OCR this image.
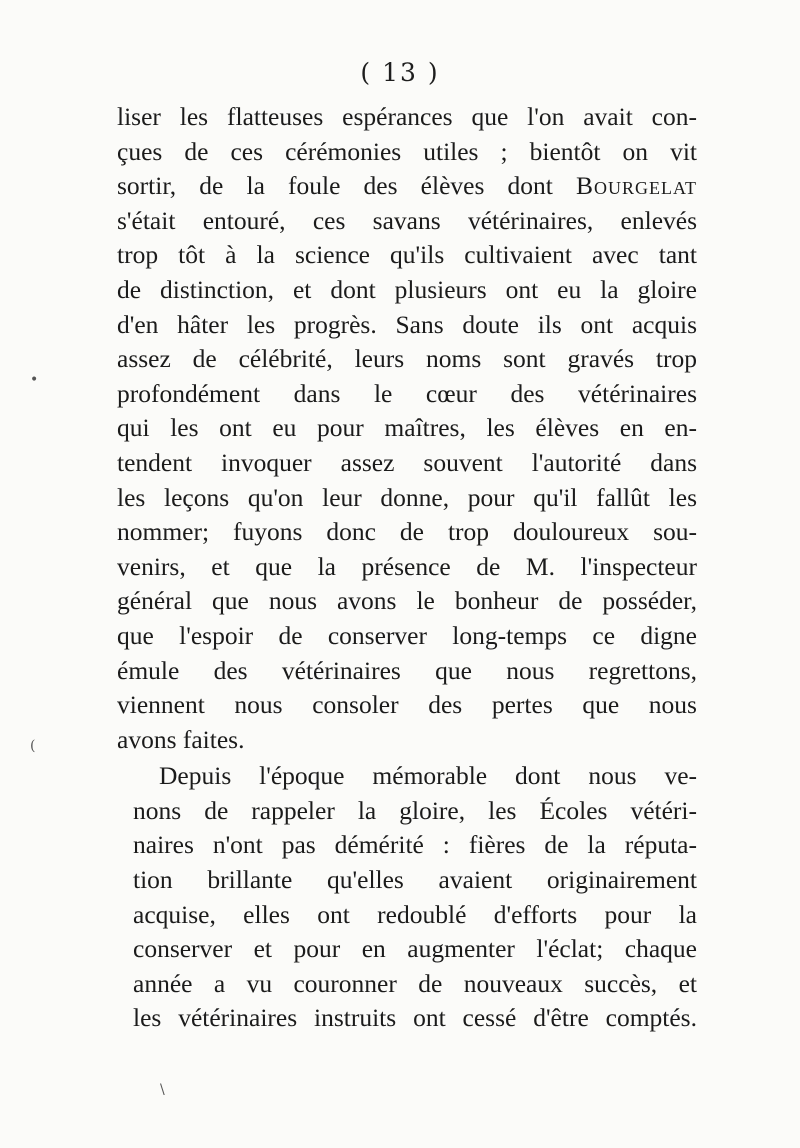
( 13 )
liser les flatteuses espérances que l'on avait con-
çues de ces cérémonies utiles ; bientôt on vit
sortir, de la foule des élèves dont Bourgelat
s'était entouré, ces savans vétérinaires, enlevés
trop tôt à la science qu'ils cultivaient avec tant
de distinction, et dont plusieurs ont eu la gloire
d'en hâter les progrès. Sans doute ils ont acquis
assez de célébrité, leurs noms sont gravés trop
profondément dans le cœur des vétérinaires
qui les ont eu pour maîtres, les élèves en en-
tendent invoquer assez souvent l'autorité dans
les leçons qu'on leur donne, pour qu'il fallût les
nommer; fuyons donc de trop douloureux sou-
venirs, et que la présence de M. l'inspecteur
général que nous avons le bonheur de posséder,
que l'espoir de conserver long-temps ce digne
émule des vétérinaires que nous regrettons,
viennent nous consoler des pertes que nous
avons faites.
Depuis l'époque mémorable dont nous ve-
nons de rappeler la gloire, les Écoles vétéri-
naires n'ont pas démérité : fières de la réputa-
tion brillante qu'elles avaient originairement
acquise, elles ont redoublé d'efforts pour la
conserver et pour en augmenter l'éclat; chaque
année a vu couronner de nouveaux succès, et
les vétérinaires instruits ont cessé d'être comptés.
•
(
\
